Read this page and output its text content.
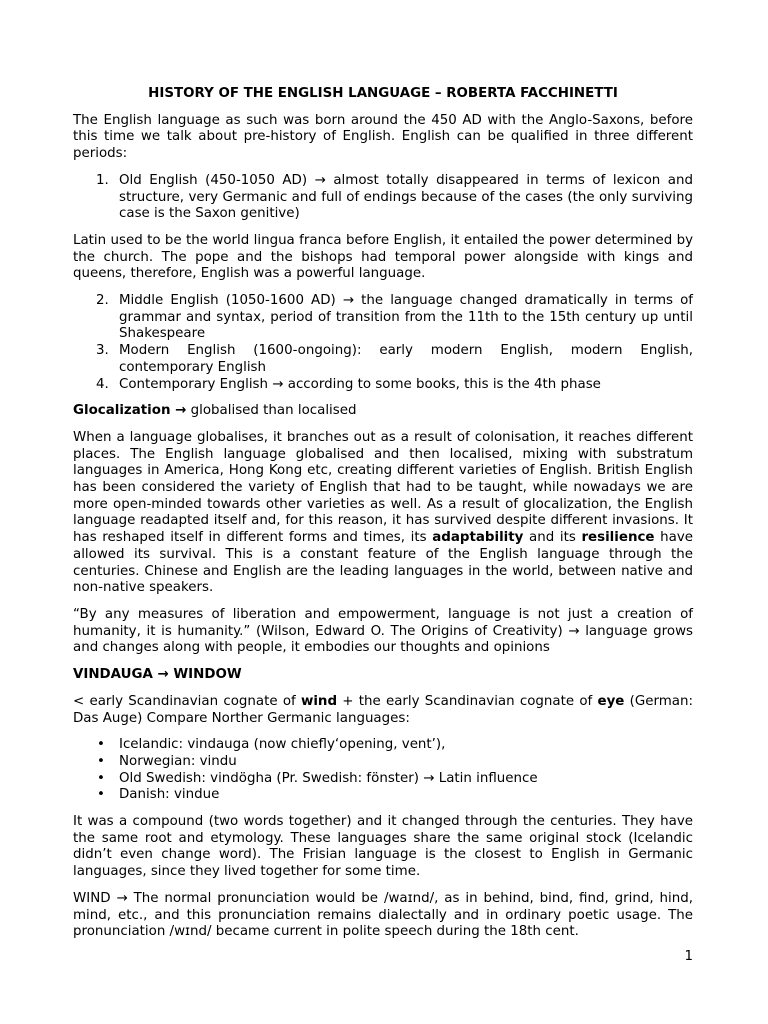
HISTORY OF THE ENGLISH LANGUAGE – ROBERTA FACCHINETTI

The English language as such was born around the 450 AD with the Anglo-Saxons, before this time we talk about pre-history of English. English can be qualified in three different periods:

1. Old English (450-1050 AD) → almost totally disappeared in terms of lexicon and structure, very Germanic and full of endings because of the cases (the only surviving case is the Saxon genitive)

Latin used to be the world lingua franca before English, it entailed the power determined by the church. The pope and the bishops had temporal power alongside with kings and queens, therefore, English was a powerful language.

2. Middle English (1050-1600 AD) → the language changed dramatically in terms of grammar and syntax, period of transition from the 11th to the 15th century up until Shakespeare
3. Modern English (1600-ongoing): early modern English, modern English, contemporary English
4. Contemporary English → according to some books, this is the 4th phase

Glocalization → globalised than localised

When a language globalises, it branches out as a result of colonisation, it reaches different places. The English language globalised and then localised, mixing with substratum languages in America, Hong Kong etc, creating different varieties of English. British English has been considered the variety of English that had to be taught, while nowadays we are more open-minded towards other varieties as well. As a result of glocalization, the English language readapted itself and, for this reason, it has survived despite different invasions. It has reshaped itself in different forms and times, its adaptability and its resilience have allowed its survival. This is a constant feature of the English language through the centuries. Chinese and English are the leading languages in the world, between native and non-native speakers.

“By any measures of liberation and empowerment, language is not just a creation of humanity, it is humanity.” (Wilson, Edward O. The Origins of Creativity) → language grows and changes along with people, it embodies our thoughts and opinions

VINDAUGA → WINDOW

< early Scandinavian cognate of wind + the early Scandinavian cognate of eye (German: Das Auge) Compare Norther Germanic languages:

• Icelandic: vindauga (now chiefly‘opening, vent’),
• Norwegian: vindu
• Old Swedish: vindögha (Pr. Swedish: fönster) → Latin influence
• Danish: vindue

It was a compound (two words together) and it changed through the centuries. They have the same root and etymology. These languages share the same original stock (Icelandic didn’t even change word). The Frisian language is the closest to English in Germanic languages, since they lived together for some time.

WIND → The normal pronunciation would be /waɪnd/, as in behind, bind, find, grind, hind, mind, etc., and this pronunciation remains dialectally and in ordinary poetic usage. The pronunciation /wɪnd/ became current in polite speech during the 18th cent.

1
